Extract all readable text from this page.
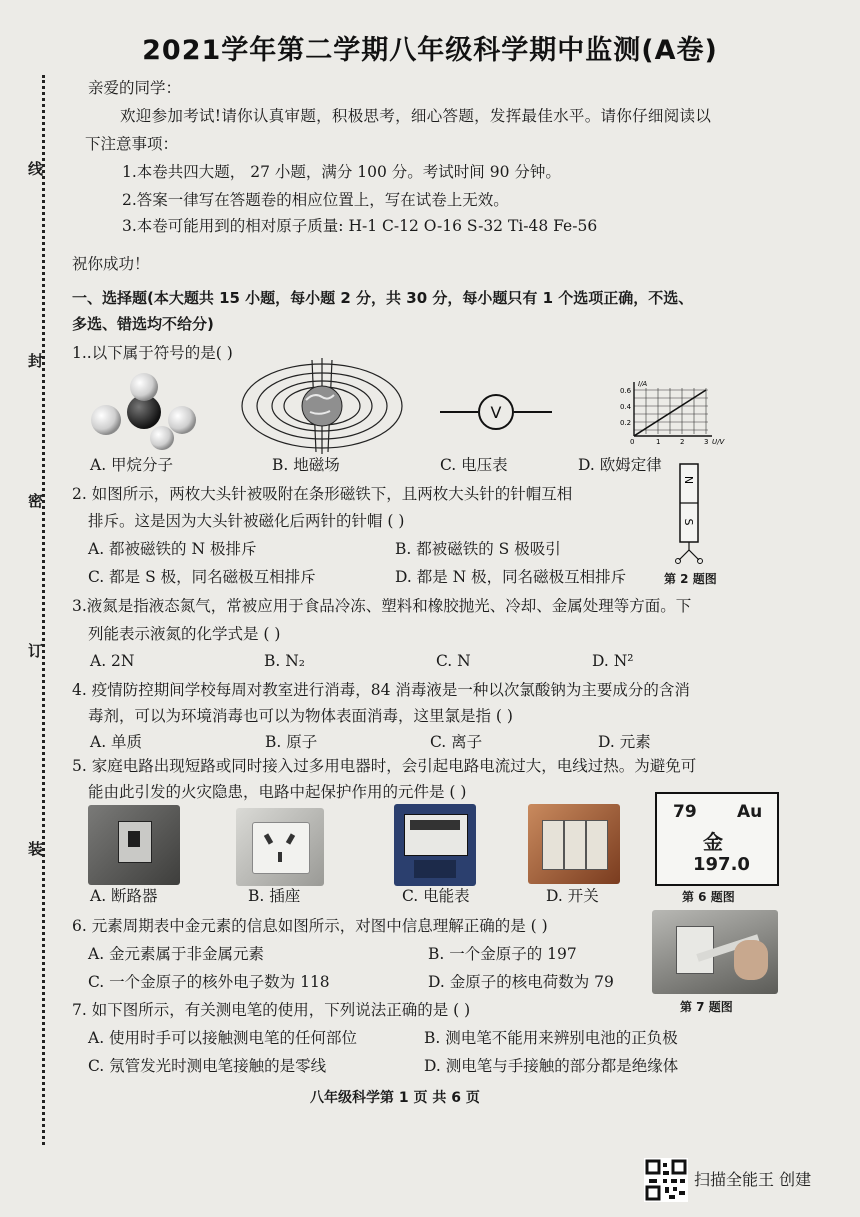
2021学年第二学期八年级科学期中监测(A卷)
线
封
密
订
装
亲爱的同学：
欢迎参加考试!请你认真审题，积极思考，细心答题，发挥最佳水平。请你仔细阅读以
下注意事项：
1.本卷共四大题， 27 小题，满分 100 分。考试时间 90 分钟。
2.答案一律写在答题卷的相应位置上，写在试卷上无效。
3.本卷可能用到的相对原子质量: H-1 C-12 O-16 S-32 Ti-48 Fe-56
祝你成功！
一、选择题(本大题共 15 小题，每小题 2 分，共 30 分，每小题只有 1 个选项正确，不选、
多选、错选均不给分)
1..以下属于符号的是( )
V
I/A
0.6
0.4
0.2
0	1	2	3 U/V
A. 甲烷分子	B. 地磁场	C. 电压表	D. 欧姆定律
2. 如图所示，两枚大头针被吸附在条形磁铁下，且两枚大头针的针帽互相
排斥。这是因为大头针被磁化后两针的针帽 ( )
A. 都被磁铁的 N 极排斥	B. 都被磁铁的 S 极吸引
C. 都是 S 极，同名磁极互相排斥	D. 都是 N 极，同名磁极互相排斥
N
S
第 2 题图
3.液氮是指液态氮气，常被应用于食品冷冻、塑料和橡胶抛光、冷却、金属处理等方面。下
列能表示液氮的化学式是 ( )
A. 2N	B. N₂	C. N	D. N²
4. 疫情防控期间学校每周对教室进行消毒，84 消毒液是一种以次氯酸钠为主要成分的含消
毒剂，可以为环境消毒也可以为物体表面消毒，这里氯是指 ( )
A. 单质	B. 原子	C. 离子	D. 元素
5. 家庭电路出现短路或同时接入过多用电器时，会引起电路电流过大，电线过热。为避免可
能由此引发的火灾隐患，电路中起保护作用的元件是 ( )
79 Au
金
197.0
第 6 题图
A. 断路器	B. 插座	C. 电能表	D. 开关
6. 元素周期表中金元素的信息如图所示，对图中信息理解正确的是 ( )
A. 金元素属于非金属元素	B. 一个金原子的 197
C. 一个金原子的核外电子数为 118	D. 金原子的核电荷数为 79
第 7 题图
7. 如下图所示，有关测电笔的使用，下列说法正确的是 ( )
A. 使用时手可以接触测电笔的任何部位	B. 测电笔不能用来辨别电池的正负极
C. 氖管发光时测电笔接触的是零线	D. 测电笔与手接触的部分都是绝缘体
八年级科学第 1 页 共 6 页
扫描全能王 创建
